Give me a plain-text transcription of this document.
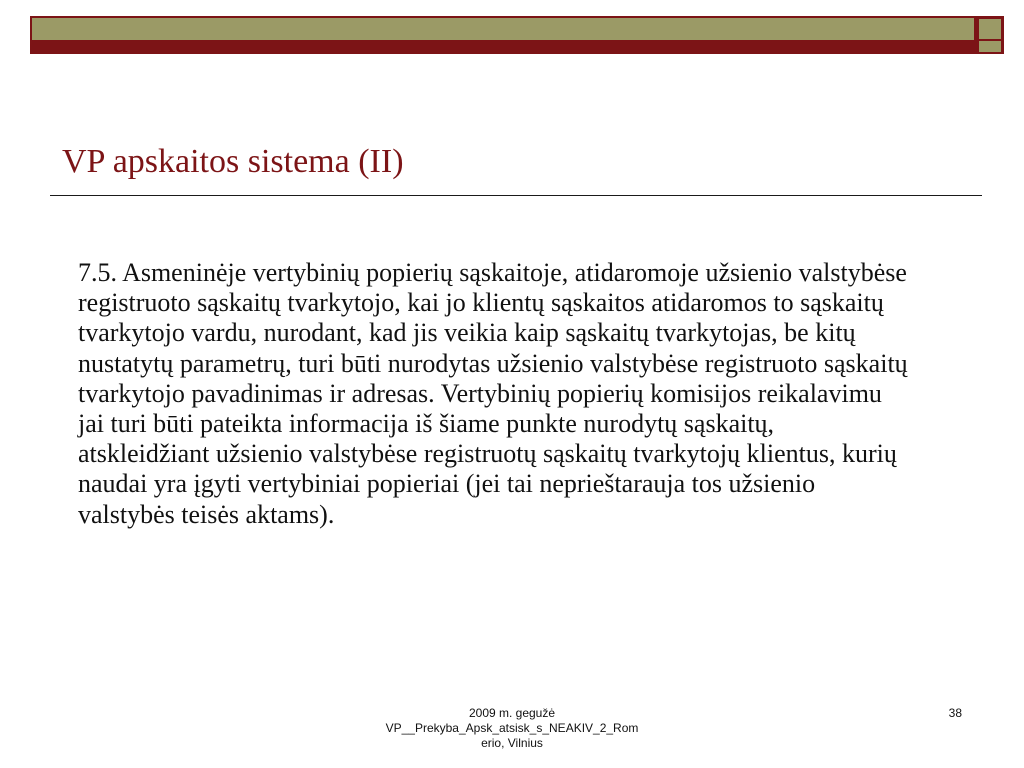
VP apskaitos sistema (II)

7.5. Asmeninėje vertybinių popierių sąskaitoje, atidaromoje užsienio valstybėse registruoto sąskaitų tvarkytojo, kai jo klientų sąskaitos atidaromos to sąskaitų tvarkytojo vardu, nurodant, kad jis veikia kaip sąskaitų tvarkytojas, be kitų nustatytų parametrų, turi būti nurodytas užsienio valstybėse registruoto sąskaitų tvarkytojo pavadinimas ir adresas. Vertybinių popierių komisijos reikalavimu jai turi būti pateikta informacija iš šiame punkte nurodytų sąskaitų, atskleidžiant užsienio valstybėse registruotų sąskaitų tvarkytojų klientus, kurių naudai yra įgyti vertybiniai popieriai (jei tai neprieštarauja tos užsienio valstybės teisės aktams).

2009 m. gegužė
VP__Prekyba_Apsk_atsisk_s_NEAKIV_2_Rom
erio, Vilnius
38
